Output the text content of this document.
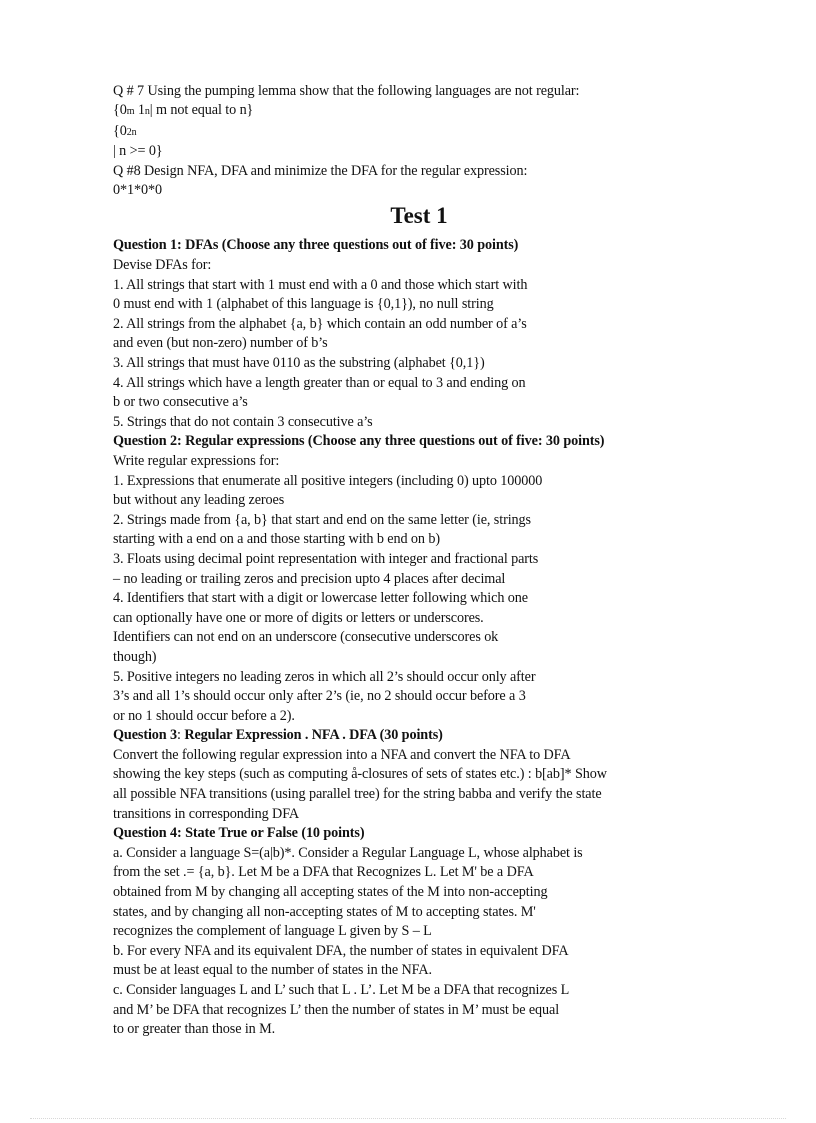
Q # 7 Using the pumping lemma show that the following languages are not regular:
{0m 1n| m not equal to n}
{02n
| n >= 0}
Q #8 Design NFA, DFA and minimize the DFA for the regular expression:
0*1*0*0
Test 1
Question 1: DFAs (Choose any three questions out of five: 30 points)
Devise DFAs for:
1. All strings that start with 1 must end with a 0 and those which start with
0 must end with 1 (alphabet of this language is {0,1}), no null string
2. All strings from the alphabet {a, b} which contain an odd number of a’s
and even (but non-zero) number of b’s
3. All strings that must have 0110 as the substring (alphabet {0,1})
4. All strings which have a length greater than or equal to 3 and ending on
b or two consecutive a’s
5. Strings that do not contain 3 consecutive a’s
Question 2: Regular expressions (Choose any three questions out of five: 30 points)
Write regular expressions for:
1. Expressions that enumerate all positive integers (including 0) upto 100000
but without any leading zeroes
2. Strings made from {a, b} that start and end on the same letter (ie, strings
starting with a end on a and those starting with b end on b)
3. Floats using decimal point representation with integer and fractional parts
– no leading or trailing zeros and precision upto 4 places after decimal
4. Identifiers that start with a digit or lowercase letter following which one
can optionally have one or more of digits or letters or underscores.
Identifiers can not end on an underscore (consecutive underscores ok
though)
5. Positive integers no leading zeros in which all 2’s should occur only after
3’s and all 1’s should occur only after 2’s (ie, no 2 should occur before a 3
or no 1 should occur before a 2).
Question 3: Regular Expression . NFA . DFA (30 points)
Convert the following regular expression into a NFA and convert the NFA to DFA
showing the key steps (such as computing å-closures of sets of states etc.) : b[ab]* Show
all possible NFA transitions (using parallel tree) for the string babba and verify the state
transitions in corresponding DFA
Question 4: State True or False (10 points)
a. Consider a language S=(a|b)*. Consider a Regular Language L, whose alphabet is
from the set .= {a, b}. Let M be a DFA that Recognizes L. Let M' be a DFA
obtained from M by changing all accepting states of the M into non-accepting
states, and by changing all non-accepting states of M to accepting states. M'
recognizes the complement of language L given by S – L
b. For every NFA and its equivalent DFA, the number of states in equivalent DFA
must be at least equal to the number of states in the NFA.
c. Consider languages L and L’ such that L . L’. Let M be a DFA that recognizes L
and M’ be DFA that recognizes L’ then the number of states in M’ must be equal
to or greater than those in M.
